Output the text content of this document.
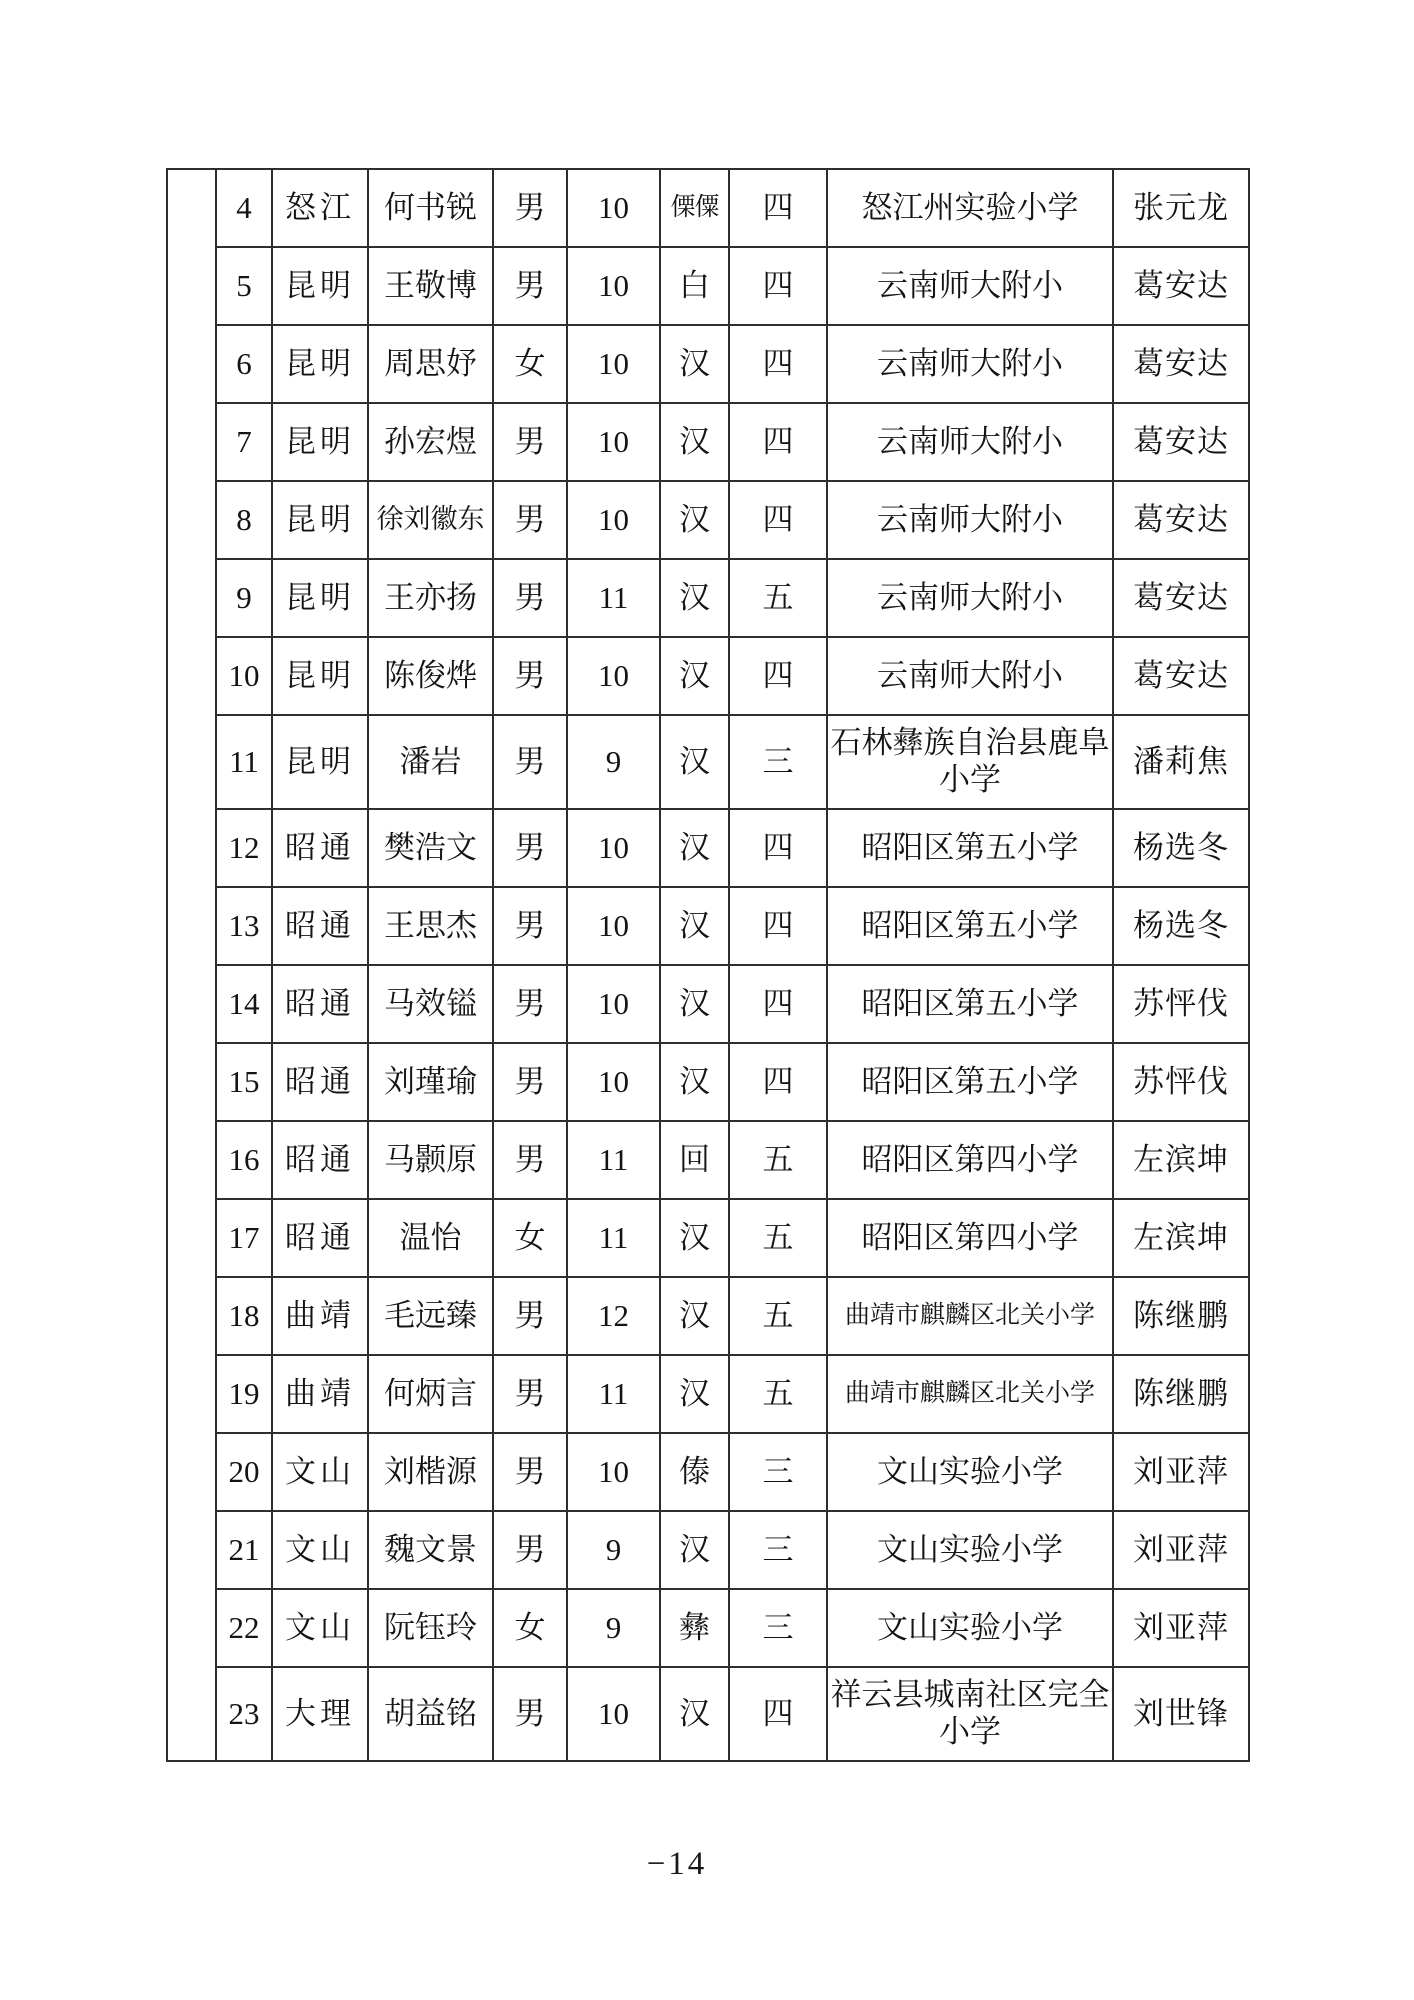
	4	怒江	何书锐	男	10	傈僳	四	怒江州实验小学	张元龙
	5	昆明	王敬博	男	10	白	四	云南师大附小	葛安达
	6	昆明	周思妤	女	10	汉	四	云南师大附小	葛安达
	7	昆明	孙宏煜	男	10	汉	四	云南师大附小	葛安达
	8	昆明	徐刘徽东	男	10	汉	四	云南师大附小	葛安达
	9	昆明	王亦扬	男	11	汉	五	云南师大附小	葛安达
	10	昆明	陈俊烨	男	10	汉	四	云南师大附小	葛安达
	11	昆明	潘岩	男	9	汉	三	石林彝族自治县鹿阜小学	潘莉焦
	12	昭通	樊浩文	男	10	汉	四	昭阳区第五小学	杨选冬
	13	昭通	王思杰	男	10	汉	四	昭阳区第五小学	杨选冬
	14	昭通	马效镒	男	10	汉	四	昭阳区第五小学	苏怦伐
	15	昭通	刘瑾瑜	男	10	汉	四	昭阳区第五小学	苏怦伐
	16	昭通	马颢原	男	11	回	五	昭阳区第四小学	左滨坤
	17	昭通	温怡	女	11	汉	五	昭阳区第四小学	左滨坤
	18	曲靖	毛远臻	男	12	汉	五	曲靖市麒麟区北关小学	陈继鹏
	19	曲靖	何炳言	男	11	汉	五	曲靖市麒麟区北关小学	陈继鹏
	20	文山	刘楷源	男	10	傣	三	文山实验小学	刘亚萍
	21	文山	魏文景	男	9	汉	三	文山实验小学	刘亚萍
	22	文山	阮钰玲	女	9	彝	三	文山实验小学	刘亚萍
	23	大理	胡益铭	男	10	汉	四	祥云县城南社区完全小学	刘世锋
−14
